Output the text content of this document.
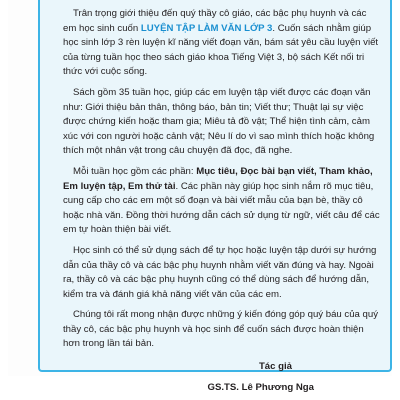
Trân trọng giới thiệu đến quý thầy cô giáo, các bậc phụ huynh và các em học sinh cuốn LUYỆN TẬP LÀM VĂN LỚP 3. Cuốn sách nhằm giúp học sinh lớp 3 rèn luyện kĩ năng viết đoạn văn, bám sát yêu cầu luyện viết của từng tuần học theo sách giáo khoa Tiếng Việt 3, bộ sách Kết nối tri thức với cuộc sống.

Sách gồm 35 tuần học, giúp các em luyện tập viết được các đoạn văn như: Giới thiệu bản thân, thông báo, bản tin; Viết thư; Thuật lại sự việc được chứng kiến hoặc tham gia; Miêu tả đồ vật; Thể hiện tình cảm, cảm xúc với con người hoặc cảnh vật; Nêu lí do vì sao mình thích hoặc không thích một nhân vật trong câu chuyện đã đọc, đã nghe.

Mỗi tuần học gồm các phần: Mục tiêu, Đọc bài bạn viết, Tham khảo, Em luyện tập, Em thử tài. Các phần này giúp học sinh nắm rõ mục tiêu, cung cấp cho các em một số đoạn và bài viết mẫu của bạn bè, thầy cô hoặc nhà văn. Đồng thời hướng dẫn cách sử dụng từ ngữ, viết câu để các em tự hoàn thiện bài viết.

Học sinh có thể sử dụng sách để tự học hoặc luyện tập dưới sự hướng dẫn của thầy cô và các bậc phụ huynh nhằm viết văn đúng và hay. Ngoài ra, thầy cô và các bậc phụ huynh cũng có thể dùng sách để hướng dẫn, kiểm tra và đánh giá khả năng viết văn của các em.

Chúng tôi rất mong nhận được những ý kiến đóng góp quý báu của quý thầy cô, các bậc phụ huynh và học sinh để cuốn sách được hoàn thiện hơn trong lần tái bản.

Tác giả
GS.TS. Lê Phương Nga
